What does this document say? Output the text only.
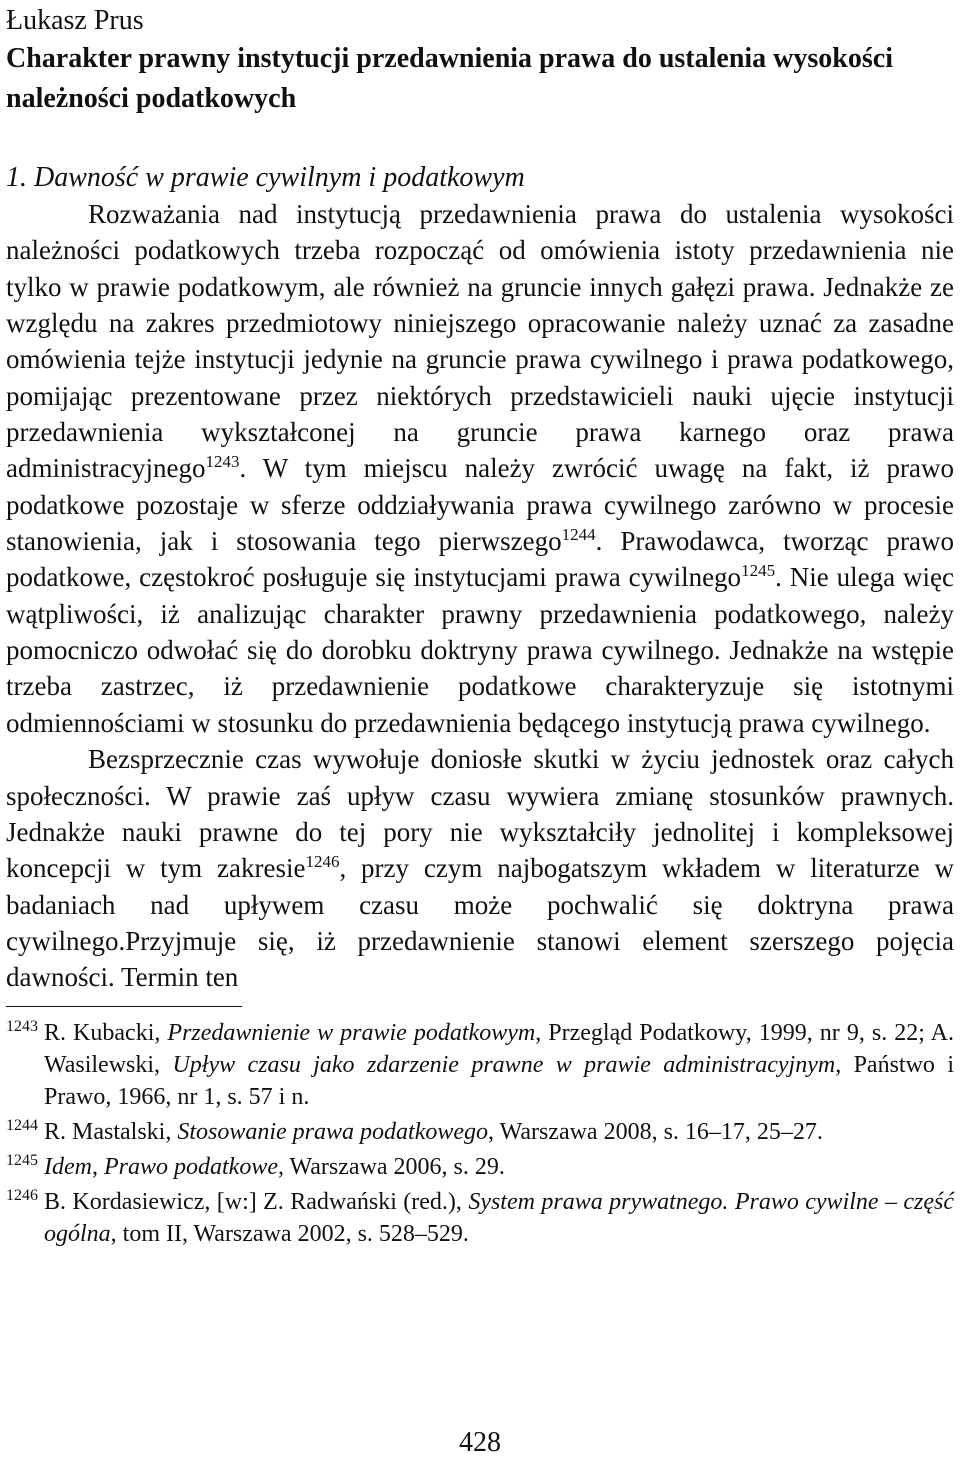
Łukasz Prus

Charakter prawny instytucji przedawnienia prawa do ustalenia wysokości należności podatkowych

1. Dawność w prawie cywilnym i podatkowym

Rozważania nad instytucją przedawnienia prawa do ustalenia wysokości należności podatkowych trzeba rozpocząć od omówienia istoty przedawnienia nie tylko w prawie podatkowym, ale również na gruncie innych gałęzi prawa. Jednakże ze względu na zakres przedmiotowy niniejszego opracowanie należy uznać za zasadne omówienia tejże instytucji jedynie na gruncie prawa cywilnego i prawa podatkowego, pomijając prezentowane przez niektórych przedstawicieli nauki ujęcie instytucji przedawnienia wykształconej na gruncie prawa karnego oraz prawa administracyjnego$^{1243}$. W tym miejscu należy zwrócić uwagę na fakt, iż prawo podatkowe pozostaje w sferze oddziaływania prawa cywilnego zarówno w procesie stanowienia, jak i stosowania tego pierwszego$^{1244}$. Prawodawca, tworząc prawo podatkowe, częstokroć posługuje się instytucjami prawa cywilnego$^{1245}$. Nie ulega więc wątpliwości, iż analizując charakter prawny przedawnienia podatkowego, należy pomocniczo odwołać się do dorobku doktryny prawa cywilnego. Jednakże na wstępie trzeba zastrzec, iż przedawnienie podatkowe charakteryzuje się istotnymi odmiennościami w stosunku do przedawnienia będącego instytucją prawa cywilnego.

Bezsprzecznie czas wywołuje doniosłe skutki w życiu jednostek oraz całych społeczności. W prawie zaś upływ czasu wywiera zmianę stosunków prawnych. Jednakże nauki prawne do tej pory nie wykształciły jednolitej i kompleksowej koncepcji w tym zakresie$^{1246}$, przy czym najbogatszym wkładem w literaturze w badaniach nad upływem czasu może pochwalić się doktryna prawa cywilnego.Przyjmuje się, iż przedawnienie stanowi element szerszego pojęcia dawności. Termin ten

1243 R. Kubacki, Przedawnienie w prawie podatkowym, Przegląd Podatkowy, 1999, nr 9, s. 22; A. Wasilewski, Upływ czasu jako zdarzenie prawne w prawie administracyjnym, Państwo i Prawo, 1966, nr 1, s. 57 i n.
1244 R. Mastalski, Stosowanie prawa podatkowego, Warszawa 2008, s. 16–17, 25–27.
1245 Idem, Prawo podatkowe, Warszawa 2006, s. 29.
1246 B. Kordasiewicz, [w:] Z. Radwański (red.), System prawa prywatnego. Prawo cywilne – część ogólna, tom II, Warszawa 2002, s. 528–529.
428
